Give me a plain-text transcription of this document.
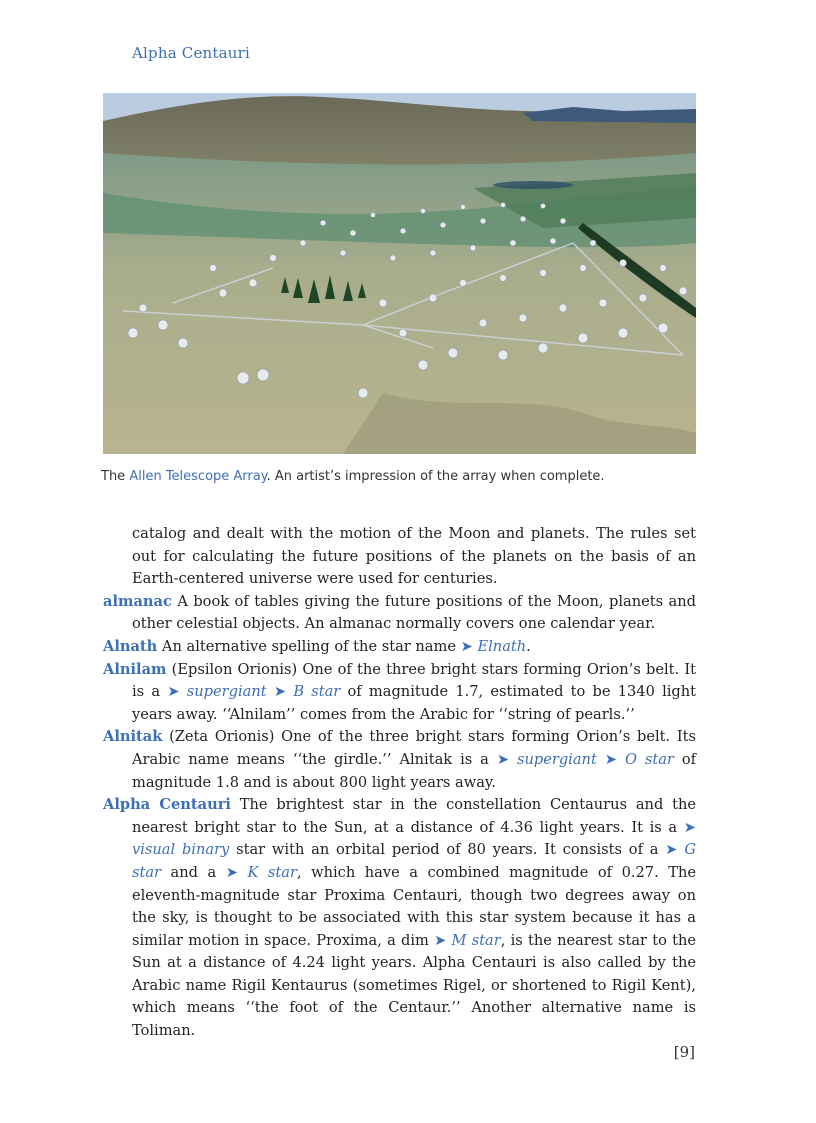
Alpha Centauri
The Allen Telescope Array. An artist’s impression of the array when complete.

catalog and dealt with the motion of the Moon and planets. The rules set out for calculating the future positions of the planets on the basis of an Earth-centered universe were used for centuries.

almanac A book of tables giving the future positions of the Moon, planets and other celestial objects. An almanac normally covers one calendar year.

Alnath An alternative spelling of the star name ➤ Elnath.

Alnilam (Epsilon Orionis) One of the three bright stars forming Orion’s belt. It is a ➤ supergiant ➤ B star of magnitude 1.7, estimated to be 1340 light years away. ‘‘Alnilam’’ comes from the Arabic for ‘‘string of pearls.’’

Alnitak (Zeta Orionis) One of the three bright stars forming Orion’s belt. Its Arabic name means ‘‘the girdle.’’ Alnitak is a ➤ supergiant ➤ O star of magnitude 1.8 and is about 800 light years away.

Alpha Centauri The brightest star in the constellation Centaurus and the nearest bright star to the Sun, at a distance of 4.36 light years. It is a ➤ visual binary star with an orbital period of 80 years. It consists of a ➤ G star and a ➤ K star, which have a combined magnitude of 0.27. The eleventh-magnitude star Proxima Centauri, though two degrees away on the sky, is thought to be associated with this star system because it has a similar motion in space. Proxima, a dim ➤ M star, is the nearest star to the Sun at a distance of 4.24 light years. Alpha Centauri is also called by the Arabic name Rigil Kentaurus (sometimes Rigel, or shortened to Rigil Kent), which means ‘‘the foot of the Centaur.’’ Another alternative name is Toliman.

[9]
